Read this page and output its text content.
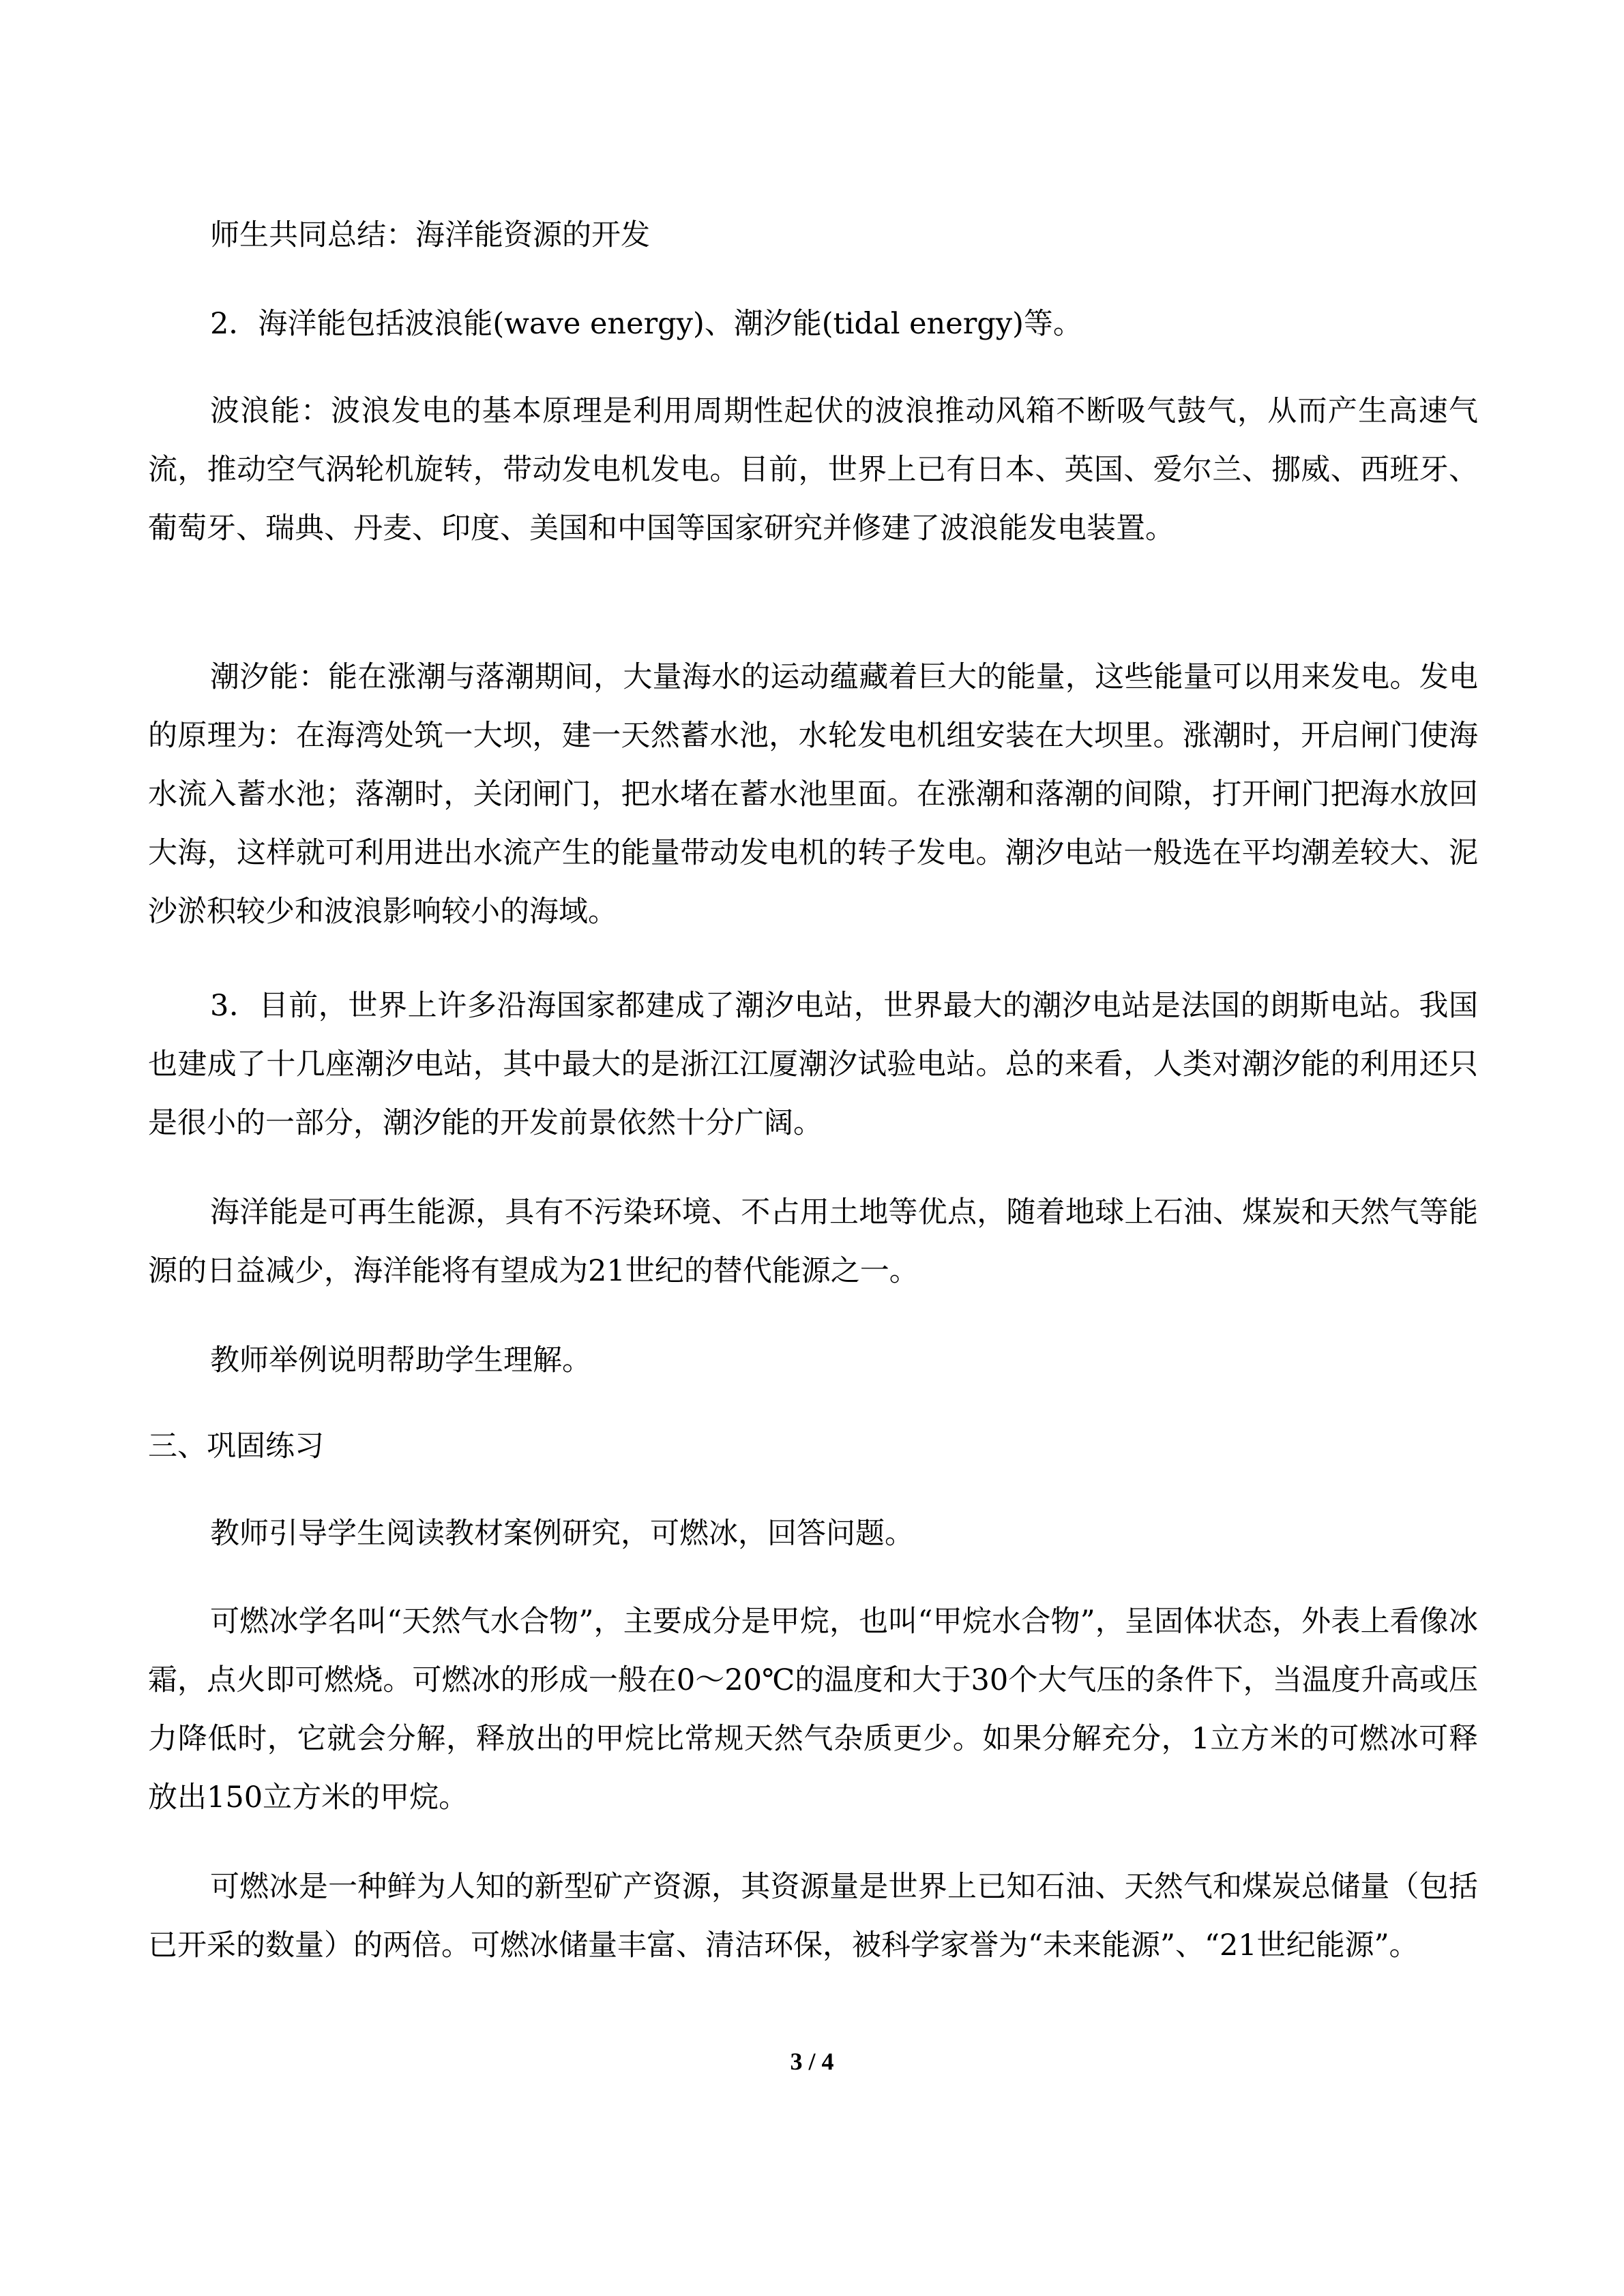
师生共同总结：海洋能资源的开发

2．海洋能包括波浪能(wave energy)、潮汐能(tidal energy)等。

波浪能：波浪发电的基本原理是利用周期性起伏的波浪推动风箱不断吸气鼓气，从而产生高速气流，推动空气涡轮机旋转，带动发电机发电。目前，世界上已有日本、英国、爱尔兰、挪威、西班牙、葡萄牙、瑞典、丹麦、印度、美国和中国等国家研究并修建了波浪能发电装置。

潮汐能：能在涨潮与落潮期间，大量海水的运动蕴藏着巨大的能量，这些能量可以用来发电。发电的原理为：在海湾处筑一大坝，建一天然蓄水池，水轮发电机组安装在大坝里。涨潮时，开启闸门使海水流入蓄水池；落潮时，关闭闸门，把水堵在蓄水池里面。在涨潮和落潮的间隙，打开闸门把海水放回大海，这样就可利用进出水流产生的能量带动发电机的转子发电。潮汐电站一般选在平均潮差较大、泥沙淤积较少和波浪影响较小的海域。

3．目前，世界上许多沿海国家都建成了潮汐电站，世界最大的潮汐电站是法国的朗斯电站。我国也建成了十几座潮汐电站，其中最大的是浙江江厦潮汐试验电站。总的来看，人类对潮汐能的利用还只是很小的一部分，潮汐能的开发前景依然十分广阔。

海洋能是可再生能源，具有不污染环境、不占用土地等优点，随着地球上石油、煤炭和天然气等能源的日益减少，海洋能将有望成为21世纪的替代能源之一。

教师举例说明帮助学生理解。

三、巩固练习

教师引导学生阅读教材案例研究，可燃冰，回答问题。

可燃冰学名叫“天然气水合物”，主要成分是甲烷，也叫“甲烷水合物”，呈固体状态，外表上看像冰霜，点火即可燃烧。可燃冰的形成一般在0～20℃的温度和大于30个大气压的条件下，当温度升高或压力降低时，它就会分解，释放出的甲烷比常规天然气杂质更少。如果分解充分，1立方米的可燃冰可释放出150立方米的甲烷。

可燃冰是一种鲜为人知的新型矿产资源，其资源量是世界上已知石油、天然气和煤炭总储量（包括已开采的数量）的两倍。可燃冰储量丰富、清洁环保，被科学家誉为“未来能源”、“21世纪能源”。

3 / 4
